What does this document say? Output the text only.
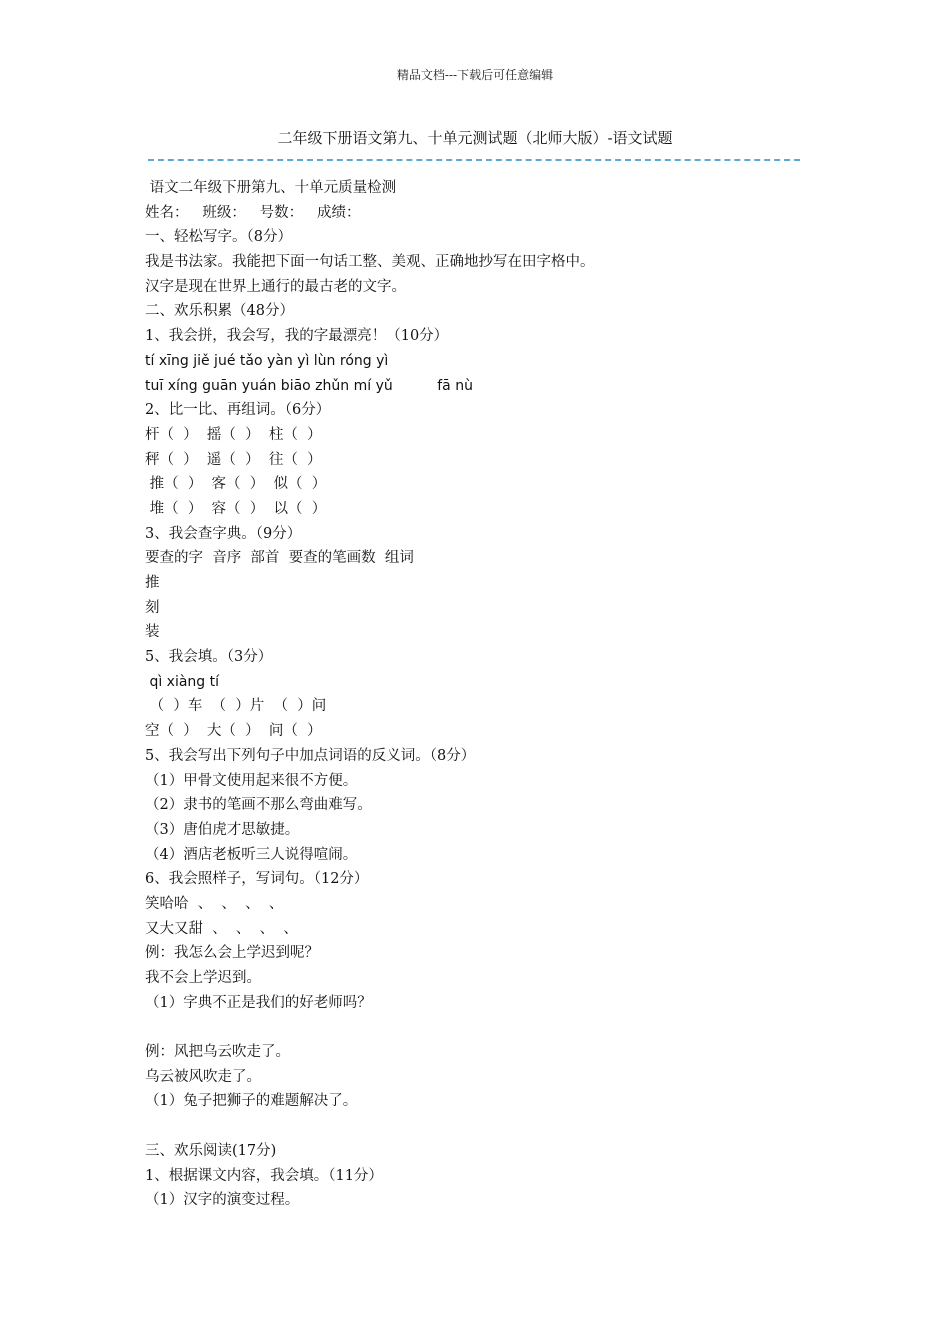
精品文档---下载后可任意编辑
二年级下册语文第九、十单元测试题（北师大版）-语文试题
语文二年级下册第九、十单元质量检测
姓名：   班级：   号数：   成绩：
一、轻松写字。（8分）
我是书法家。我能把下面一句话工整、美观、正确地抄写在田字格中。
汉字是现在世界上通行的最古老的文字。
二、欢乐积累（48分）
1、我会拼，我会写，我的字最漂亮！（10分）
tí xīng jiě jué tǎo yàn yì lùn róng yì
tuī xíng guān yuán biāo zhǔn mí yǔ          fā nù
2、比一比、再组词。（6分）
杆（  ）  摇（  ）  柱（  ）
秤（  ）  遥（  ）  往（  ）
推（  ）  客（  ）  似（  ）
堆（  ）  容（  ）  以（  ）
3、我会查字典。（9分）
要查的字  音序  部首  要查的笔画数  组词
推
刻
装
5、我会填。（3分）
qì xiàng tí
（  ）车  （  ）片  （  ）问
空（  ）  大（  ）  问（  ）
5、我会写出下列句子中加点词语的反义词。（8分）
（1）甲骨文使用起来很不方便。
（2）隶书的笔画不那么弯曲难写。
（3）唐伯虎才思敏捷。
（4）酒店老板听三人说得喧闹。
6、我会照样子，写词句。（12分）
笑哈哈  、  、  、  、
又大又甜  、  、  、  、
例：我怎么会上学迟到呢？
我不会上学迟到。
（1）字典不正是我们的好老师吗？
例：风把乌云吹走了。
乌云被风吹走了。
（1）兔子把狮子的难题解决了。
三、欢乐阅读(17分)
1、根据课文内容，我会填。（11分）
（1）汉字的演变过程。
